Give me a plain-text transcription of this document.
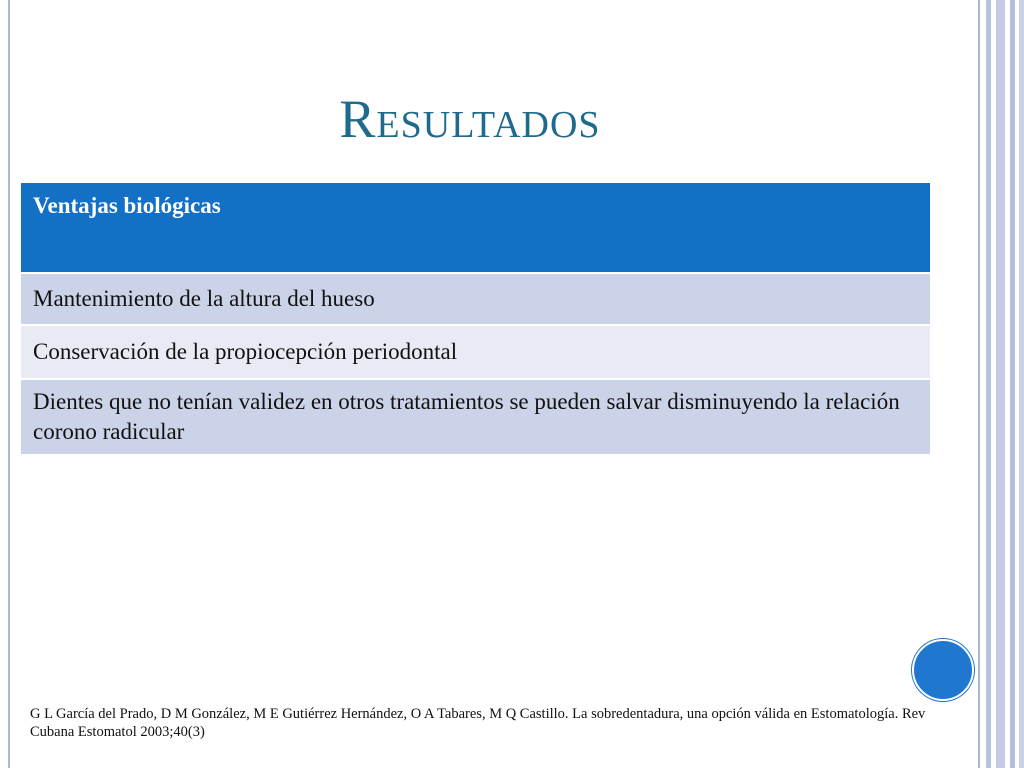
Resultados
Ventajas biológicas
Mantenimiento de la altura del hueso
Conservación de la propiocepción periodontal
Dientes que no tenían validez en otros tratamientos se pueden salvar disminuyendo la relación corono radicular
G L García del Prado, D M González, M E Gutiérrez Hernández, O A Tabares, M Q Castillo. La sobredentadura, una opción válida en Estomatología. Rev Cubana Estomatol 2003;40(3)
